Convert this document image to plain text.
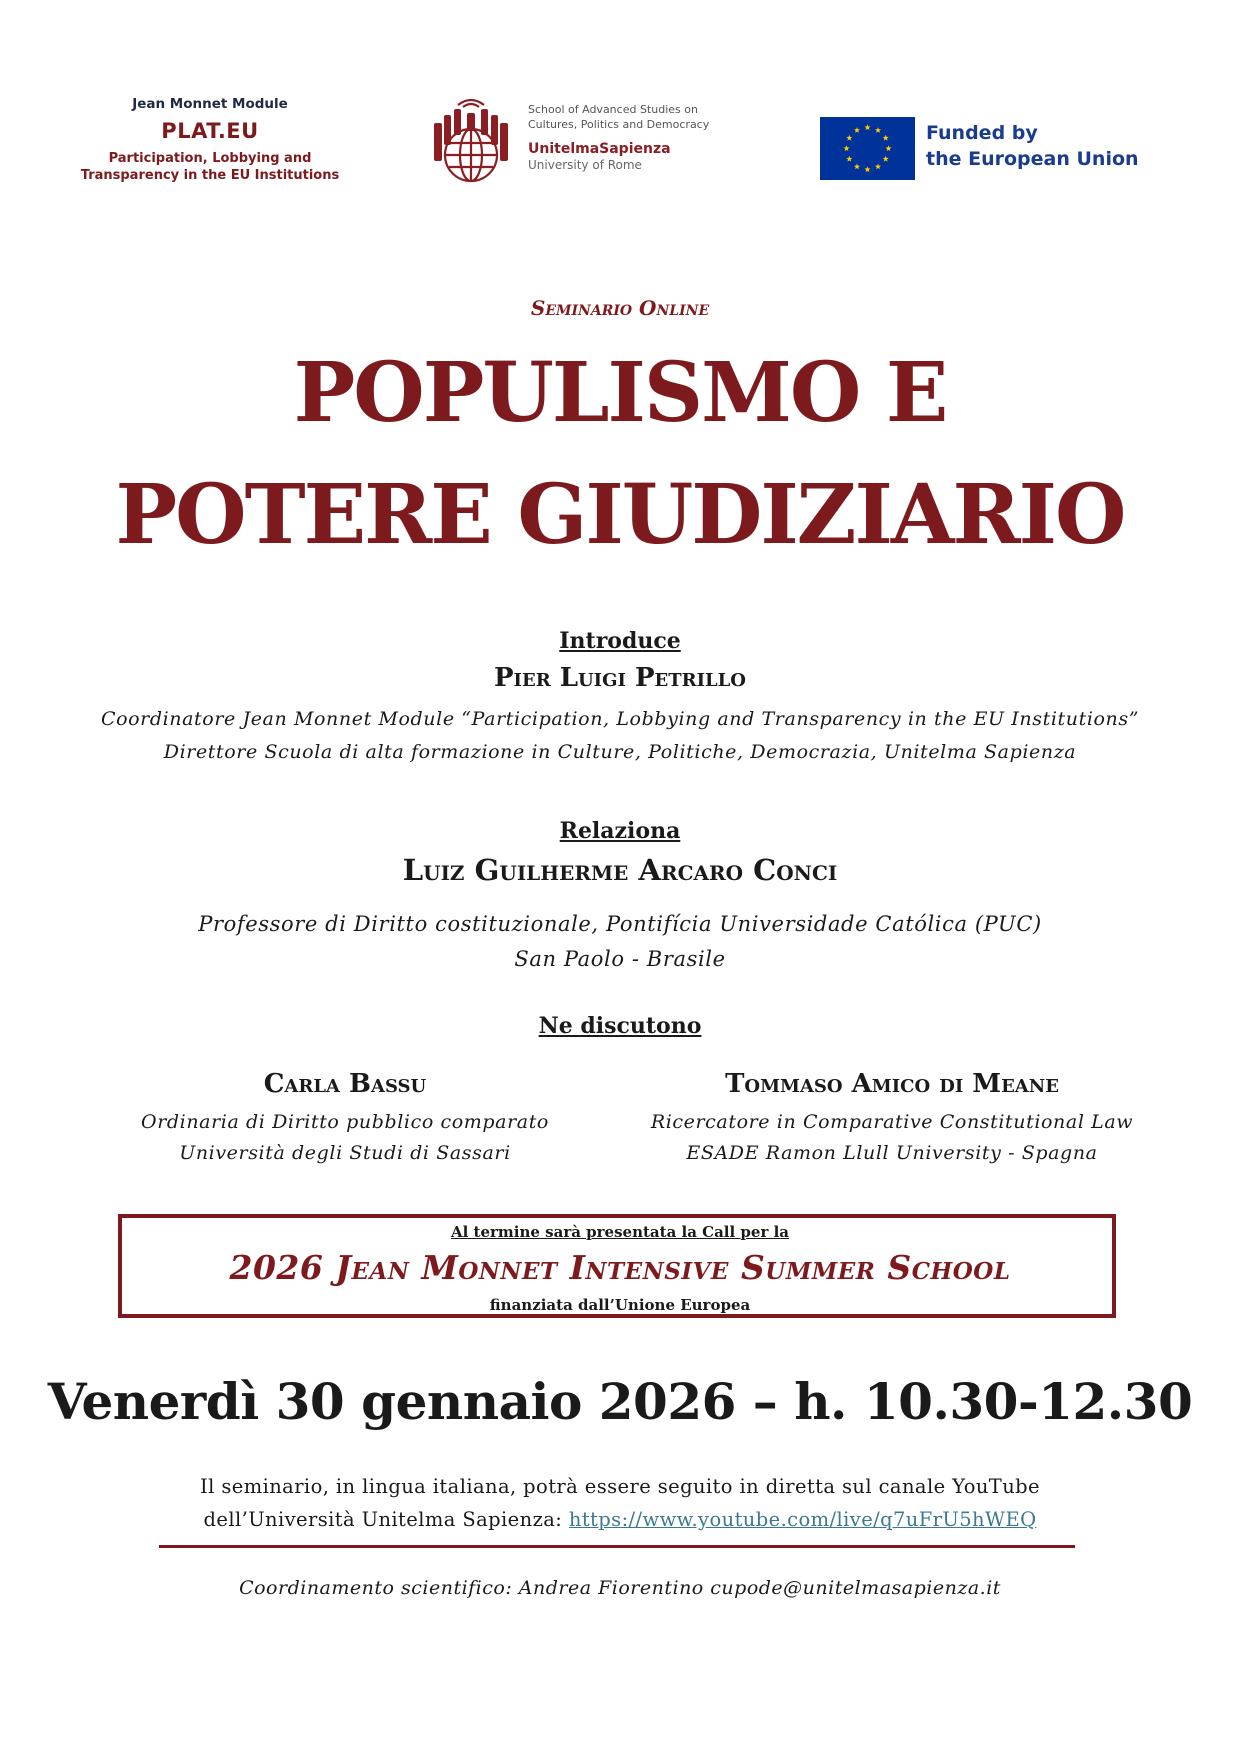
Jean Monnet Module
PLAT.EU
Participation, Lobbying and
Transparency in the EU Institutions
School of Advanced Studies on
Cultures, Politics and Democracy
UnitelmaSapienza
University of Rome
Funded by
the European Union
Seminario Online
POPULISMO E
POTERE GIUDIZIARIO
Introduce
Pier Luigi Petrillo
Coordinatore Jean Monnet Module “Participation, Lobbying and Transparency in the EU Institutions”
Direttore Scuola di alta formazione in Culture, Politiche, Democrazia, Unitelma Sapienza
Relaziona
Luiz Guilherme Arcaro Conci
Professore di Diritto costituzionale, Pontifícia Universidade Católica (PUC)
San Paolo - Brasile
Ne discutono
Carla Bassu
Ordinaria di Diritto pubblico comparato
Università degli Studi di Sassari
Tommaso Amico di Meane
Ricercatore in Comparative Constitutional Law
ESADE Ramon Llull University - Spagna
Al termine sarà presentata la Call per la
2026 Jean Monnet Intensive Summer School
finanziata dall’Unione Europea
Venerdì 30 gennaio 2026 – h. 10.30-12.30
Il seminario, in lingua italiana, potrà essere seguito in diretta sul canale YouTube
dell’Università Unitelma Sapienza: https://www.youtube.com/live/q7uFrU5hWEQ
Coordinamento scientifico: Andrea Fiorentino cupode@unitelmasapienza.it
